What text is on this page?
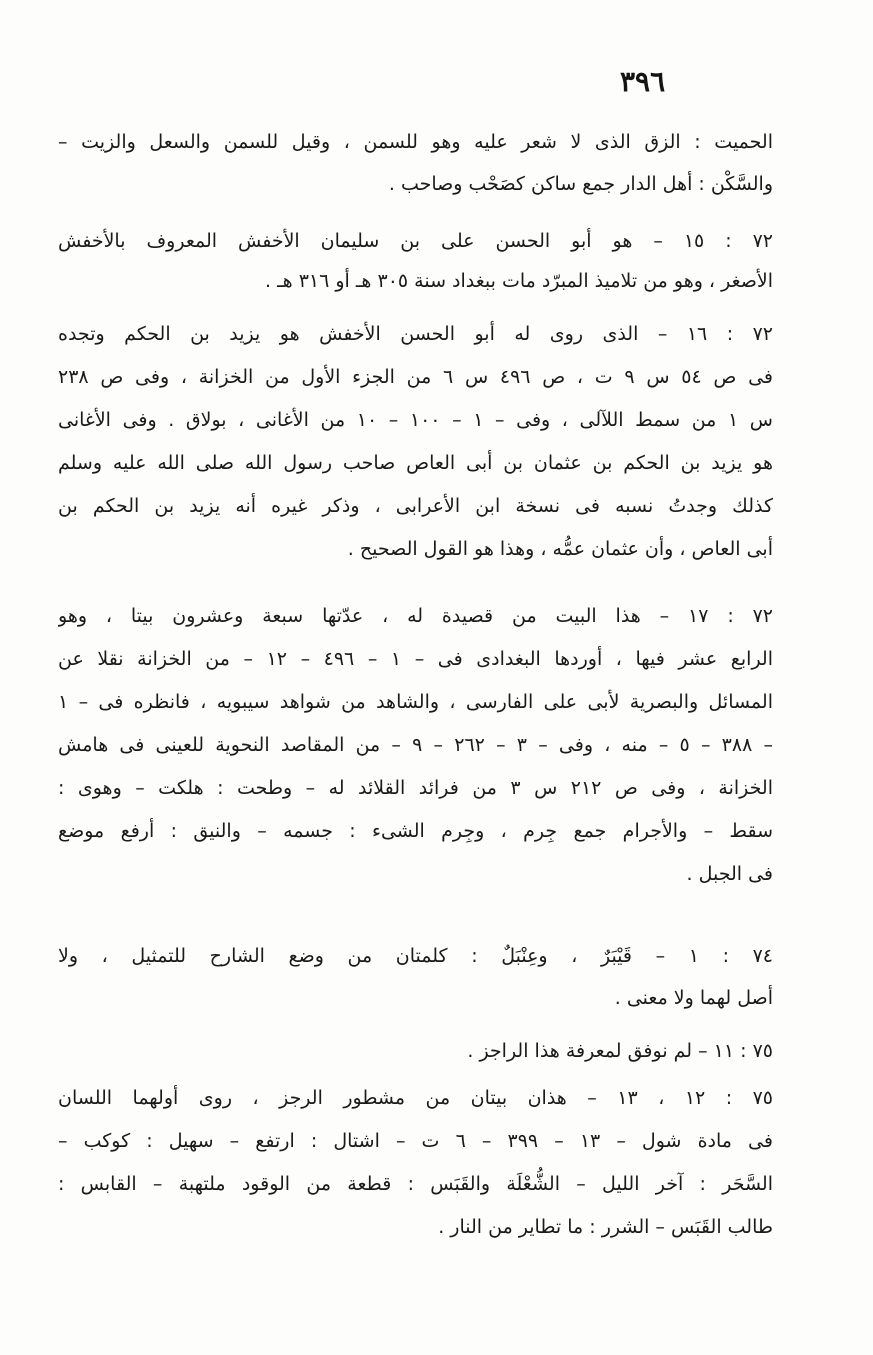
٣٩٦
الحميت : الزق الذى لا شعر عليه وهو للسمن ، وقيل للسمن والسعل والزيت –
والسَّكْن : أهل الدار جمع ساكن كصَحْب وصاحب .
٧٢ : ١٥ – هو أبو الحسن على بن سليمان الأخفش المعروف بالأخفش
الأصغر ، وهو من تلاميذ المبرّد مات ببغداد سنة ٣٠٥ هـ أو ٣١٦ هـ .
٧٢ : ١٦ – الذى روى له أبو الحسن الأخفش هو يزيد بن الحكم وتجده
فى ص ٥٤ س ٩ ت ، ص ٤٩٦ س ٦ من الجزء الأول من الخزانة ، وفى ص ٢٣٨
س ١ من سمط اللآلى ، وفى – ١ – ١٠٠ – ١٠ من الأغانى ، بولاق . وفى الأغانى
هو يزيد بن الحكم بن عثمان بن أبى العاص صاحب رسول الله صلى الله عليه وسلم
كذلك وجدتُ نسبه فى نسخة ابن الأعرابى ، وذكر غيره أنه يزيد بن الحكم بن
أبى العاص ، وأن عثمان عمُّه ، وهذا هو القول الصحيح .
٧٢ : ١٧ – هذا البيت من قصيدة له ، عدّتها سبعة وعشرون بيتا ، وهو
الرابع عشر فيها ، أوردها البغدادى فى – ١ – ٤٩٦ – ١٢ – من الخزانة نقلا عن
المسائل والبصرية لأبى على الفارسى ، والشاهد من شواهد سيبويه ، فانظره فى – ١
– ٣٨٨ – ٥ – منه ، وفى – ٣ – ٢٦٢ – ٩ – من المقاصد النحوية للعينى فى هامش
الخزانة ، وفى ص ٢١٢ س ٣ من فرائد القلائد له – وطحت : هلكت – وهوى :
سقط – والأجرام جمع جِرم ، وجِرم الشىء : جسمه – والنيق : أرفع موضع
فى الجبل .
٧٤ : ١ – قَيْبَرٌ ، وعِنْبَلٌ : كلمتان من وضع الشارح للتمثيل ، ولا
أصل لهما ولا معنى .
٧٥ : ١١ – لم نوفق لمعرفة هذا الراجز .
٧٥ : ١٢ ، ١٣ – هذان بيتان من مشطور الرجز ، روى أولهما اللسان
فى مادة شول – ١٣ – ٣٩٩ – ٦ ت – اشتال : ارتفع – سهيل : كوكب –
السَّحَر : آخر الليل – الشُّعْلَة والقَبَس : قطعة من الوقود ملتهبة – القابس :
طالب القَبَس – الشرر : ما تطاير من النار .
